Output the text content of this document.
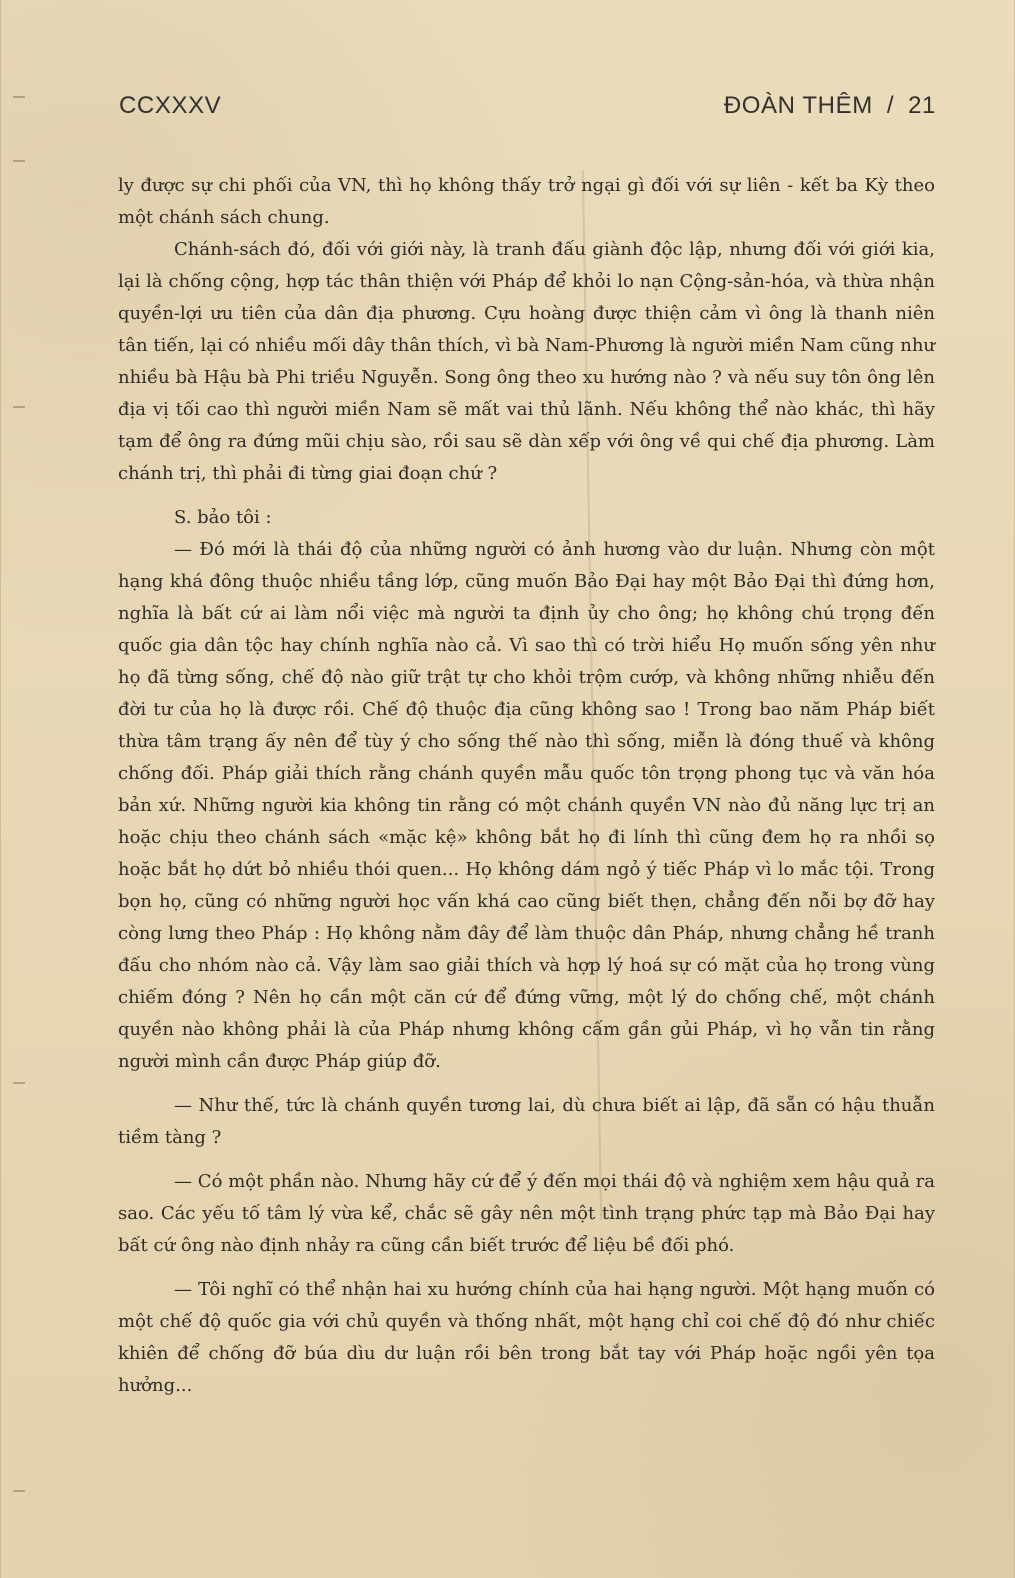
CCXXXV	ĐOÀN THÊM / 21

ly được sự chi phối của VN, thì họ không thấy trở ngại gì đối với sự liên - kết ba Kỳ theo một chánh sách chung.

Chánh-sách đó, đối với giới này, là tranh đấu giành độc lập, nhưng đối với giới kia, lại là chống cộng, hợp tác thân thiện với Pháp để khỏi lo nạn Cộng-sản-hóa, và thừa nhận quyền-lợi ưu tiên của dân địa phương. Cựu hoàng được thiện cảm vì ông là thanh niên tân tiến, lại có nhiều mối dây thân thích, vì bà Nam-Phương là người miền Nam cũng như nhiều bà Hậu bà Phi triều Nguyễn. Song ông theo xu hướng nào ? và nếu suy tôn ông lên địa vị tối cao thì người miền Nam sẽ mất vai thủ lãnh. Nếu không thể nào khác, thì hãy tạm để ông ra đứng mũi chịu sào, rồi sau sẽ dàn xếp với ông về qui chế địa phương. Làm chánh trị, thì phải đi từng giai đoạn chứ ?

S. bảo tôi :

— Đó mới là thái độ của những người có ảnh hương vào dư luận. Nhưng còn một hạng khá đông thuộc nhiều tầng lớp, cũng muốn Bảo Đại hay một Bảo Đại thì đứng hơn, nghĩa là bất cứ ai làm nổi việc mà người ta định ủy cho ông; họ không chú trọng đến quốc gia dân tộc hay chính nghĩa nào cả. Vì sao thì có trời hiểu Họ muốn sống yên như họ đã từng sống, chế độ nào giữ trật tự cho khỏi trộm cướp, và không những nhiễu đến đời tư của họ là được rồi. Chế độ thuộc địa cũng không sao ! Trong bao năm Pháp biết thừa tâm trạng ấy nên để tùy ý cho sống thế nào thì sống, miễn là đóng thuế và không chống đối. Pháp giải thích rằng chánh quyền mẫu quốc tôn trọng phong tục và văn hóa bản xứ. Những người kia không tin rằng có một chánh quyền VN nào đủ năng lực trị an hoặc chịu theo chánh sách «mặc kệ» không bắt họ đi lính thì cũng đem họ ra nhồi sọ hoặc bắt họ dứt bỏ nhiều thói quen... Họ không dám ngỏ ý tiếc Pháp vì lo mắc tội. Trong bọn họ, cũng có những người học vấn khá cao cũng biết thẹn, chẳng đến nỗi bợ đỡ hay còng lưng theo Pháp : Họ không nằm đây để làm thuộc dân Pháp, nhưng chẳng hề tranh đấu cho nhóm nào cả. Vậy làm sao giải thích và hợp lý hoá sự có mặt của họ trong vùng chiếm đóng ? Nên họ cần một căn cứ để đứng vững, một lý do chống chế, một chánh quyền nào không phải là của Pháp nhưng không cấm gần gủi Pháp, vì họ vẫn tin rằng người mình cần được Pháp giúp đỡ.

— Như thế, tức là chánh quyền tương lai, dù chưa biết ai lập, đã sẵn có hậu thuẫn tiềm tàng ?

— Có một phần nào. Nhưng hãy cứ để ý đến mọi thái độ và nghiệm xem hậu quả ra sao. Các yếu tố tâm lý vừa kể, chắc sẽ gây nên một tình trạng phức tạp mà Bảo Đại hay bất cứ ông nào định nhảy ra cũng cần biết trước để liệu bề đối phó.

— Tôi nghĩ có thể nhận hai xu hướng chính của hai hạng người. Một hạng muốn có một chế độ quốc gia với chủ quyền và thống nhất, một hạng chỉ coi chế độ đó như chiếc khiên để chống đỡ búa dìu dư luận rồi bên trong bắt tay với Pháp hoặc ngồi yên tọa hưởng...
